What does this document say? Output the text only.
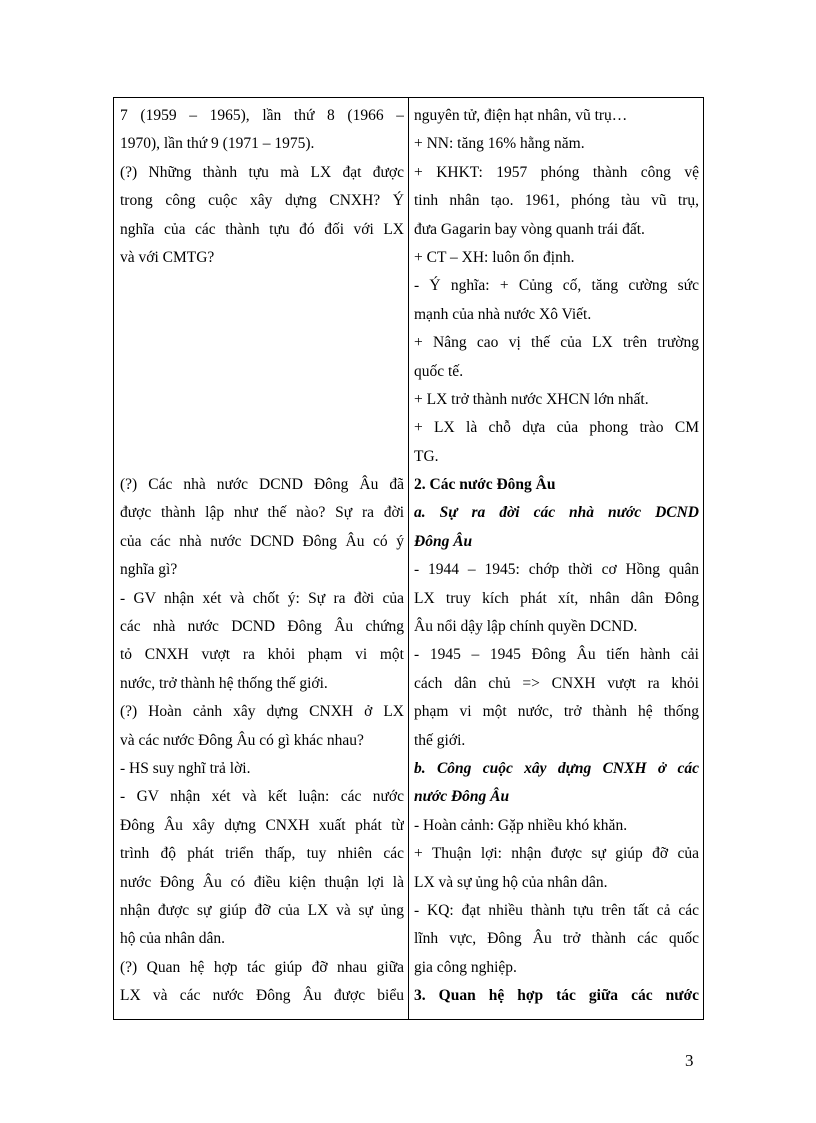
7 (1959 – 1965), lần thứ 8 (1966 –
1970), lần thứ 9 (1971 – 1975).
(?) Những thành tựu mà LX đạt được
trong công cuộc xây dựng CNXH? Ý
nghĩa của các thành tựu đó đối với LX
và với CMTG?
(?) Các nhà nước DCND Đông Âu đã
được thành lập như thế nào? Sự ra đời
của các nhà nước DCND Đông Âu có ý
nghĩa gì?
- GV nhận xét và chốt ý: Sự ra đời của
các nhà nước DCND Đông Âu chứng
tỏ CNXH vượt ra khỏi phạm vi một
nước, trở thành hệ thống thế giới.
(?) Hoàn cảnh xây dựng CNXH ở LX
và các nước Đông Âu có gì khác nhau?
- HS suy nghĩ trả lời.
- GV nhận xét và kết luận: các nước
Đông Âu xây dựng CNXH xuất phát từ
trình độ phát triển thấp, tuy nhiên các
nước Đông Âu có điều kiện thuận lợi là
nhận được sự giúp đỡ của LX và sự ủng
hộ của nhân dân.
(?) Quan hệ hợp tác giúp đỡ nhau giữa
LX và các nước Đông Âu được biểu
nguyên tử, điện hạt nhân, vũ trụ…
+ NN: tăng 16% hằng năm.
+ KHKT: 1957 phóng thành công vệ
tinh nhân tạo. 1961, phóng tàu vũ trụ,
đưa Gagarin bay vòng quanh trái đất.
+ CT – XH: luôn ổn định.
- Ý nghĩa: + Củng cố, tăng cường sức
mạnh của nhà nước Xô Viết.
+ Nâng cao vị thế của LX trên trường
quốc tế.
+ LX trở thành nước XHCN lớn nhất.
+ LX là chỗ dựa của phong trào CM
TG.
2. Các nước Đông Âu
a. Sự ra đời các nhà nước DCND
Đông Âu
- 1944 – 1945: chớp thời cơ Hồng quân
LX truy kích phát xít, nhân dân Đông
Âu nổi dậy lập chính quyền DCND.
- 1945 – 1945 Đông Âu tiến hành cải
cách dân chủ => CNXH vượt ra khỏi
phạm vi một nước, trở thành hệ thống
thế giới.
b. Công cuộc xây dựng CNXH ở các
nước Đông Âu
- Hoàn cảnh: Gặp nhiều khó khăn.
+ Thuận lợi: nhận được sự giúp đỡ của
LX và sự ủng hộ của nhân dân.
- KQ: đạt nhiều thành tựu trên tất cả các
lĩnh vực, Đông Âu trở thành các quốc
gia công nghiệp.
3. Quan hệ hợp tác giữa các nước
3
